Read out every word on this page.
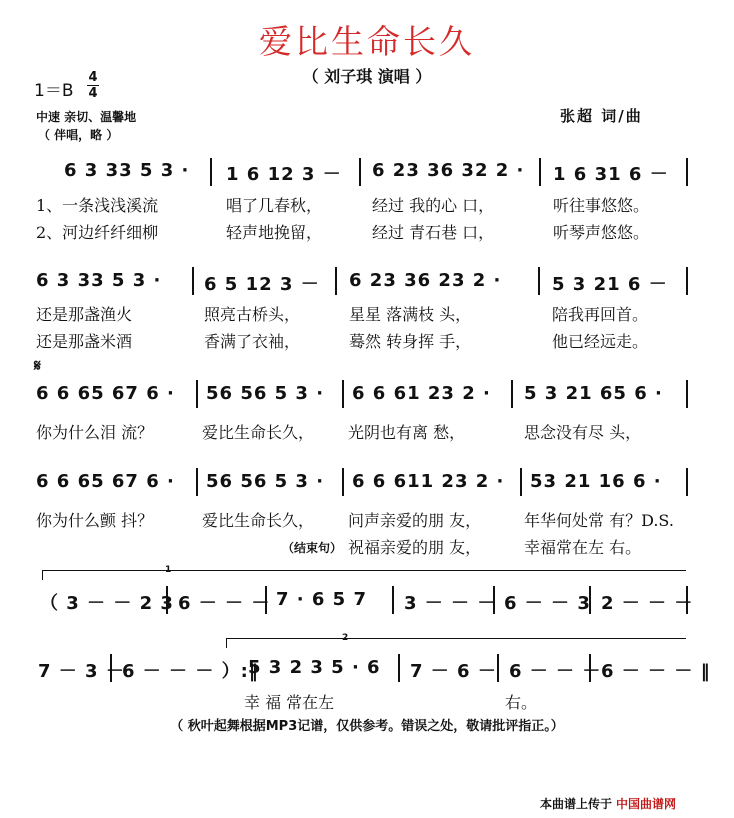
爱比生命长久
（ 刘子琪 演唱 ）
1＝B
4
4
中速 亲切、温馨地
（ 伴唱，略 ）
张超 词/曲
6 3 33 5 3 · 1 6 12 3 － 6 23 36 32 2 · 1 6 31 6 －
1、一条浅浅溪流	唱了几春秋，	经过 我的心 口，	听往事悠悠。
2、河边纤纤细柳	轻声地挽留，	经过 青石巷 口，	听琴声悠悠。
6 3 33 5 3 · 6 5 12 3 － 6 23 36 23 2 ·	5 3 21 6 －
还是那盏渔火	照亮古桥头，	星星 落满枝 头，	陪我再回首。
还是那盏米酒	香满了衣袖，	蓦然 转身挥 手，	他已经远走。
𝄋
6 6 65 67 6 · 56 56 5 3 · 6 6 61 23 2 · 5 3 21 65 6 ·
你为什么泪 流？	爱比生命长久， 光阴也有离 愁，	思念没有尽 头，
6 6 65 67 6 · 56 56 5 3 · 6 6 611 23 2 · 53 21 16 6 ·
你为什么颤 抖？	爱比生命长久， 问声亲爱的朋 友，	年华何处常 有？D.S.
（结束句） 祝福亲爱的朋 友，	幸福常在左 右。
1
（ 3 － － 2 3 6 － － － 7 · 6 5 7 3 － － － 6 － － 3 2 － － －
2
7 － 3 －
6 － － － ）:‖
5 3 2 3 5 · 6 7 － 6 － 6 － － － 6 － － － ‖
幸 福 常在左	右。
（ 秋叶起舞根据MP3记谱，仅供参考。错误之处，敬请批评指正。）
本曲谱上传于 中国曲谱网
